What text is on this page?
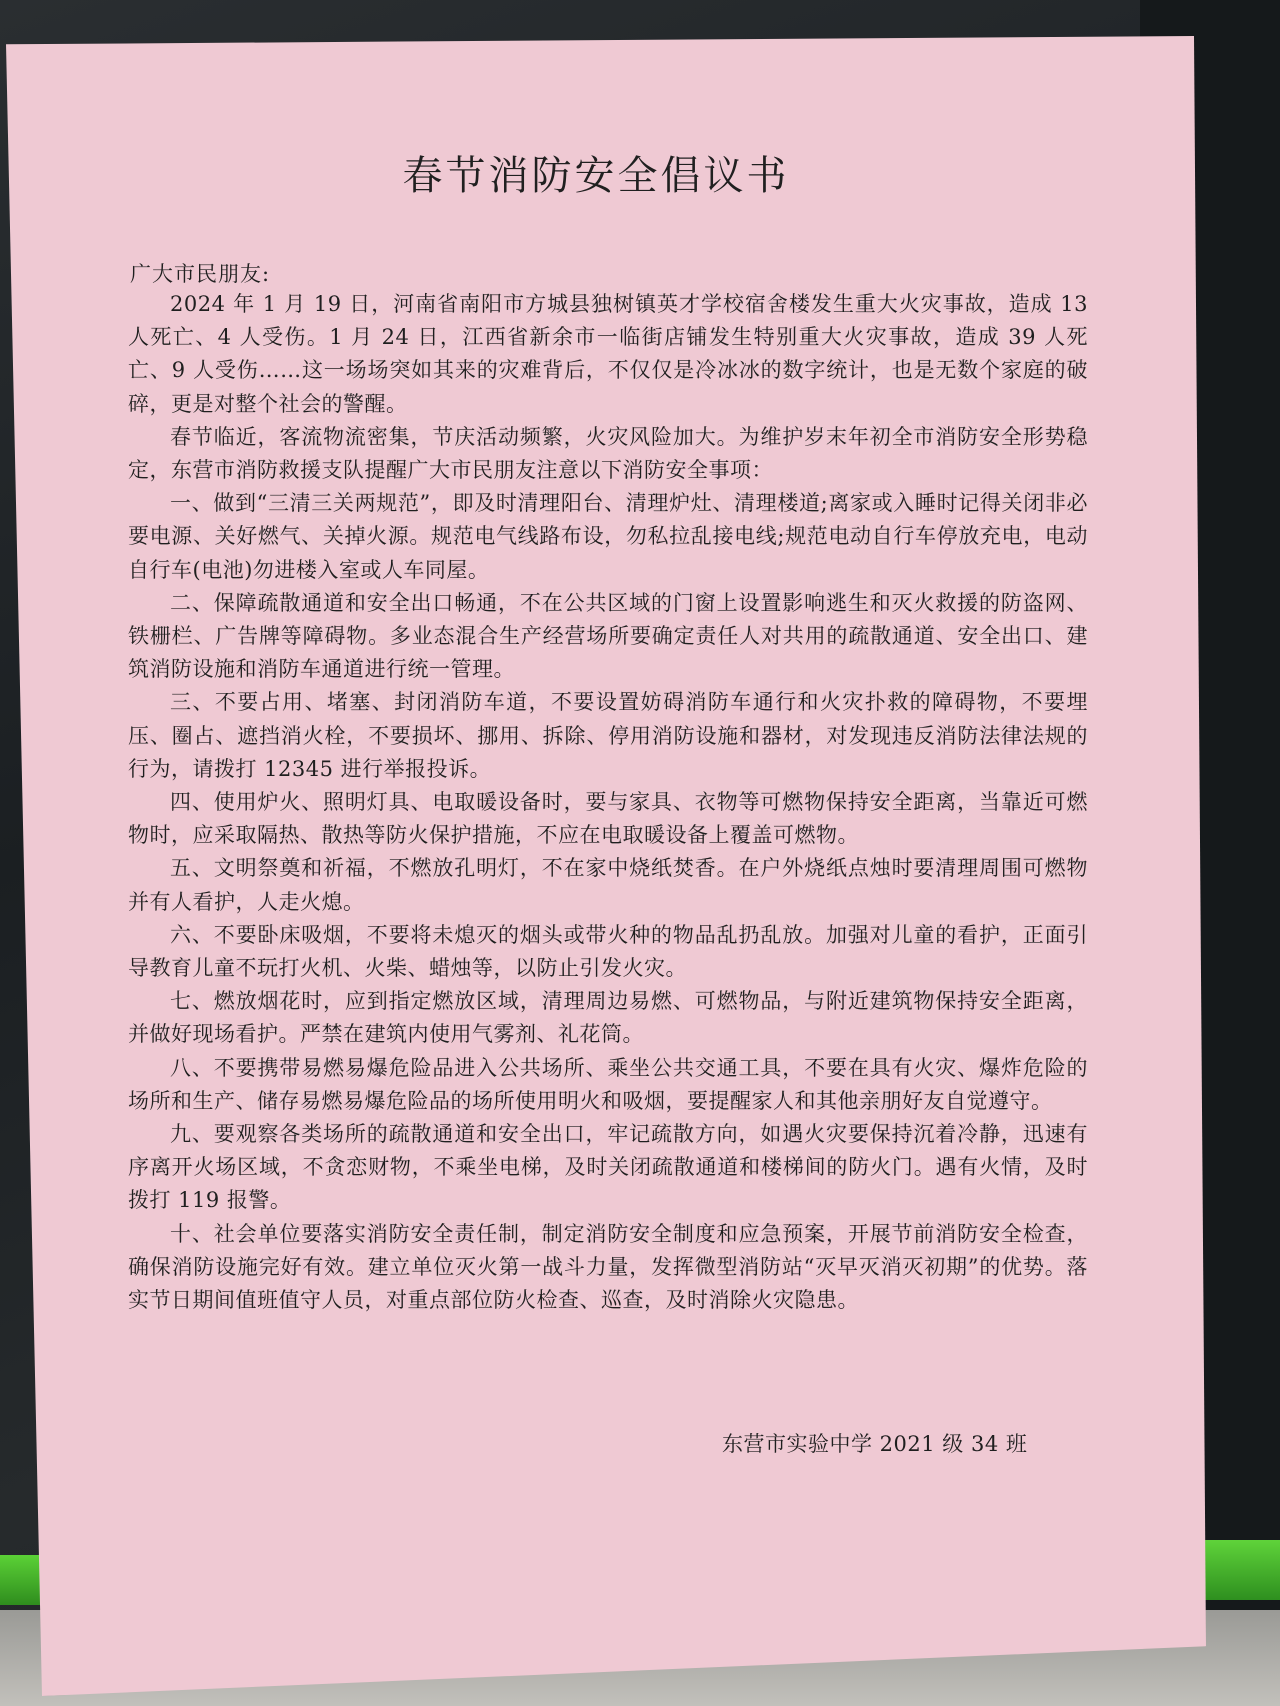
春节消防安全倡议书
广大市民朋友:

2024 年 1 月 19 日，河南省南阳市方城县独树镇英才学校宿舍楼发生重大火灾事故，造成 13 人死亡、4 人受伤。1 月 24 日，江西省新余市一临街店铺发生特别重大火灾事故，造成 39 人死亡、9 人受伤……这一场场突如其来的灾难背后，不仅仅是冷冰冰的数字统计，也是无数个家庭的破碎，更是对整个社会的警醒。

春节临近，客流物流密集，节庆活动频繁，火灾风险加大。为维护岁末年初全市消防安全形势稳定，东营市消防救援支队提醒广大市民朋友注意以下消防安全事项：

一、做到“三清三关两规范”，即及时清理阳台、清理炉灶、清理楼道;离家或入睡时记得关闭非必要电源、关好燃气、关掉火源。规范电气线路布设，勿私拉乱接电线;规范电动自行车停放充电，电动自行车(电池)勿进楼入室或人车同屋。

二、保障疏散通道和安全出口畅通，不在公共区域的门窗上设置影响逃生和灭火救援的防盗网、铁栅栏、广告牌等障碍物。多业态混合生产经营场所要确定责任人对共用的疏散通道、安全出口、建筑消防设施和消防车通道进行统一管理。

三、不要占用、堵塞、封闭消防车道，不要设置妨碍消防车通行和火灾扑救的障碍物，不要埋压、圈占、遮挡消火栓，不要损坏、挪用、拆除、停用消防设施和器材，对发现违反消防法律法规的行为，请拨打 12345 进行举报投诉。

四、使用炉火、照明灯具、电取暖设备时，要与家具、衣物等可燃物保持安全距离，当靠近可燃物时，应采取隔热、散热等防火保护措施，不应在电取暖设备上覆盖可燃物。

五、文明祭奠和祈福，不燃放孔明灯，不在家中烧纸焚香。在户外烧纸点烛时要清理周围可燃物并有人看护，人走火熄。

六、不要卧床吸烟，不要将未熄灭的烟头或带火种的物品乱扔乱放。加强对儿童的看护，正面引导教育儿童不玩打火机、火柴、蜡烛等，以防止引发火灾。

七、燃放烟花时，应到指定燃放区域，清理周边易燃、可燃物品，与附近建筑物保持安全距离，并做好现场看护。严禁在建筑内使用气雾剂、礼花筒。

八、不要携带易燃易爆危险品进入公共场所、乘坐公共交通工具，不要在具有火灾、爆炸危险的场所和生产、储存易燃易爆危险品的场所使用明火和吸烟，要提醒家人和其他亲朋好友自觉遵守。

九、要观察各类场所的疏散通道和安全出口，牢记疏散方向，如遇火灾要保持沉着冷静，迅速有序离开火场区域，不贪恋财物，不乘坐电梯，及时关闭疏散通道和楼梯间的防火门。遇有火情，及时拨打 119 报警。

十、社会单位要落实消防安全责任制，制定消防安全制度和应急预案，开展节前消防安全检查，确保消防设施完好有效。建立单位灭火第一战斗力量，发挥微型消防站“灭早灭消灭初期”的优势。落实节日期间值班值守人员，对重点部位防火检查、巡查，及时消除火灾隐患。

东营市实验中学 2021 级 34 班
